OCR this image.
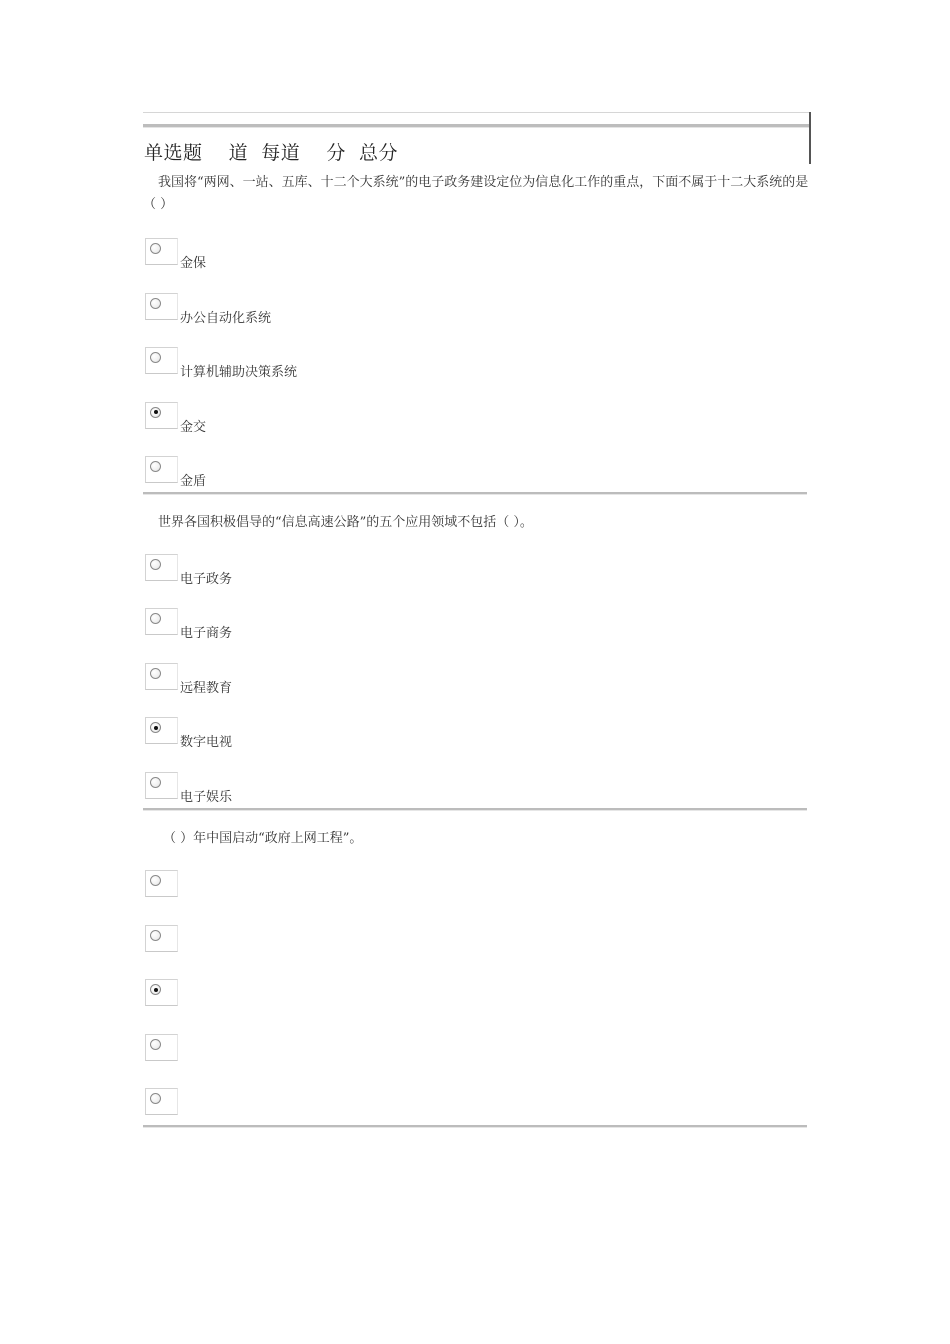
单选题    道  每道    分  总分

我国将“两网、一站、五库、十二个大系统”的电子政务建设定位为信息化工作的重点，下面不属于十二大系统的是（ ）

金保
办公自动化系统
计算机辅助决策系统
金交
金盾

世界各国积极倡导的“信息高速公路”的五个应用领域不包括（ ）。

电子政务
电子商务
远程教育
数字电视
电子娱乐

（ ）年中国启动“政府上网工程”。
